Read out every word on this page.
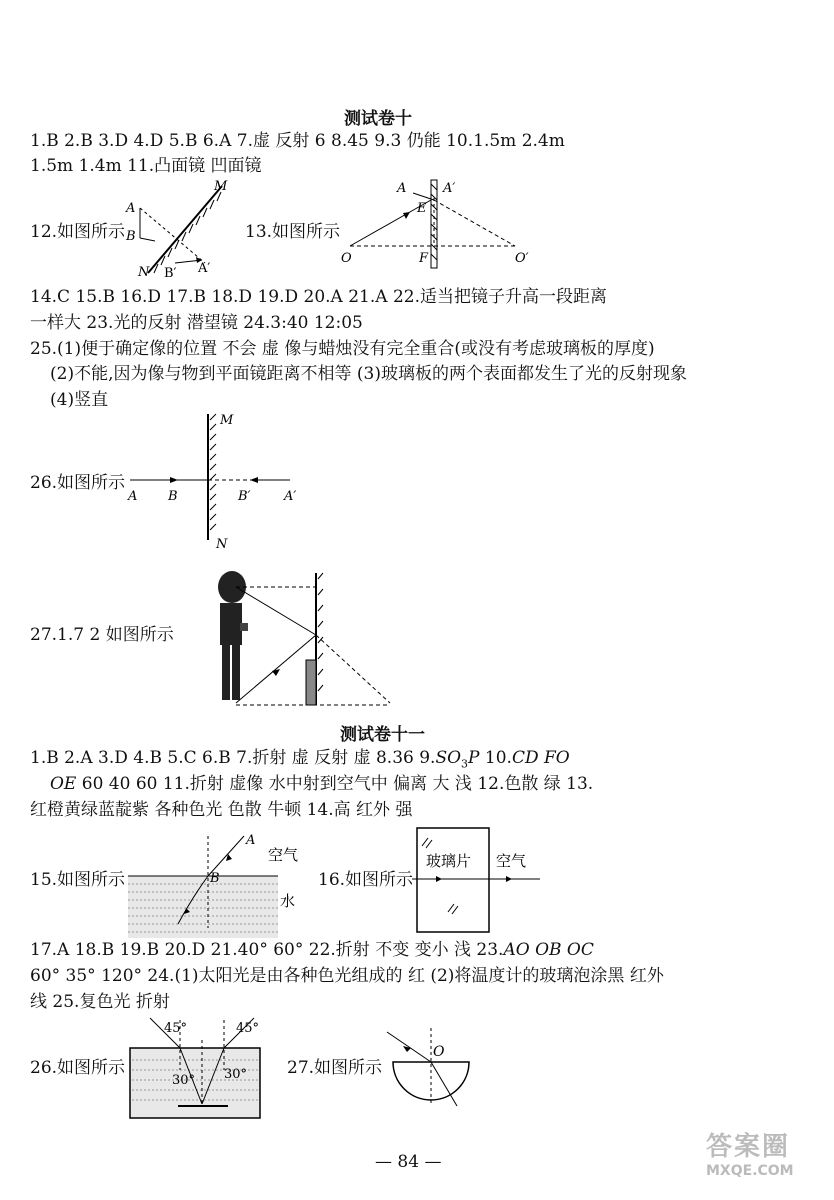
测试卷十
1.B 2.B 3.D 4.D 5.B 6.A 7.虚 反射 6 8.45 9.3 仍能 10.1.5m 2.4m
1.5m 1.4m 11.凸面镜 凹面镜
12.如图所示	13.如图所示
M
A
B
N B′ A′
A	A′
E
F
O	O′
14.C 15.B 16.D 17.B 18.D 19.D 20.A 21.A 22.适当把镜子升高一段距离
一样大 23.光的反射 潜望镜 24.3:40 12:05
25.(1)便于确定像的位置 不会 虚 像与蜡烛没有完全重合(或没有考虑玻璃板的厚度)
(2)不能,因为像与物到平面镜距离不相等 (3)玻璃板的两个表面都发生了光的反射现象
(4)竖直
26.如图所示
M
N
A B	B′	A′
27.1.7 2 如图所示
测试卷十一
1.B 2.A 3.D 4.B 5.C 6.B 7.折射 虚 反射 虚 8.36 $9.SO_3P$ 10.CD FO
OE 60 40 60 11.折射 虚像 水中射到空气中 偏离 大 浅 12.色散 绿 13.
红橙黄绿蓝靛紫 各种色光 色散 牛顿 14.高 红外 强
15.如图所示
A
B
空气
水
16.如图所示
玻璃片 空气
17.A 18.B 19.B 20.D 21.40° 60° 22.折射 不变 变小 浅 23.AO OB OC
60° 35° 120° 24.(1)太阳光是由各种色光组成的 红 (2)将温度计的玻璃泡涂黑 红外
线 25.复色光 折射
26.如图所示
45°	45°
30° 30° 27.如图所示
O
— 84 —	答案圈
MXQE.COM
